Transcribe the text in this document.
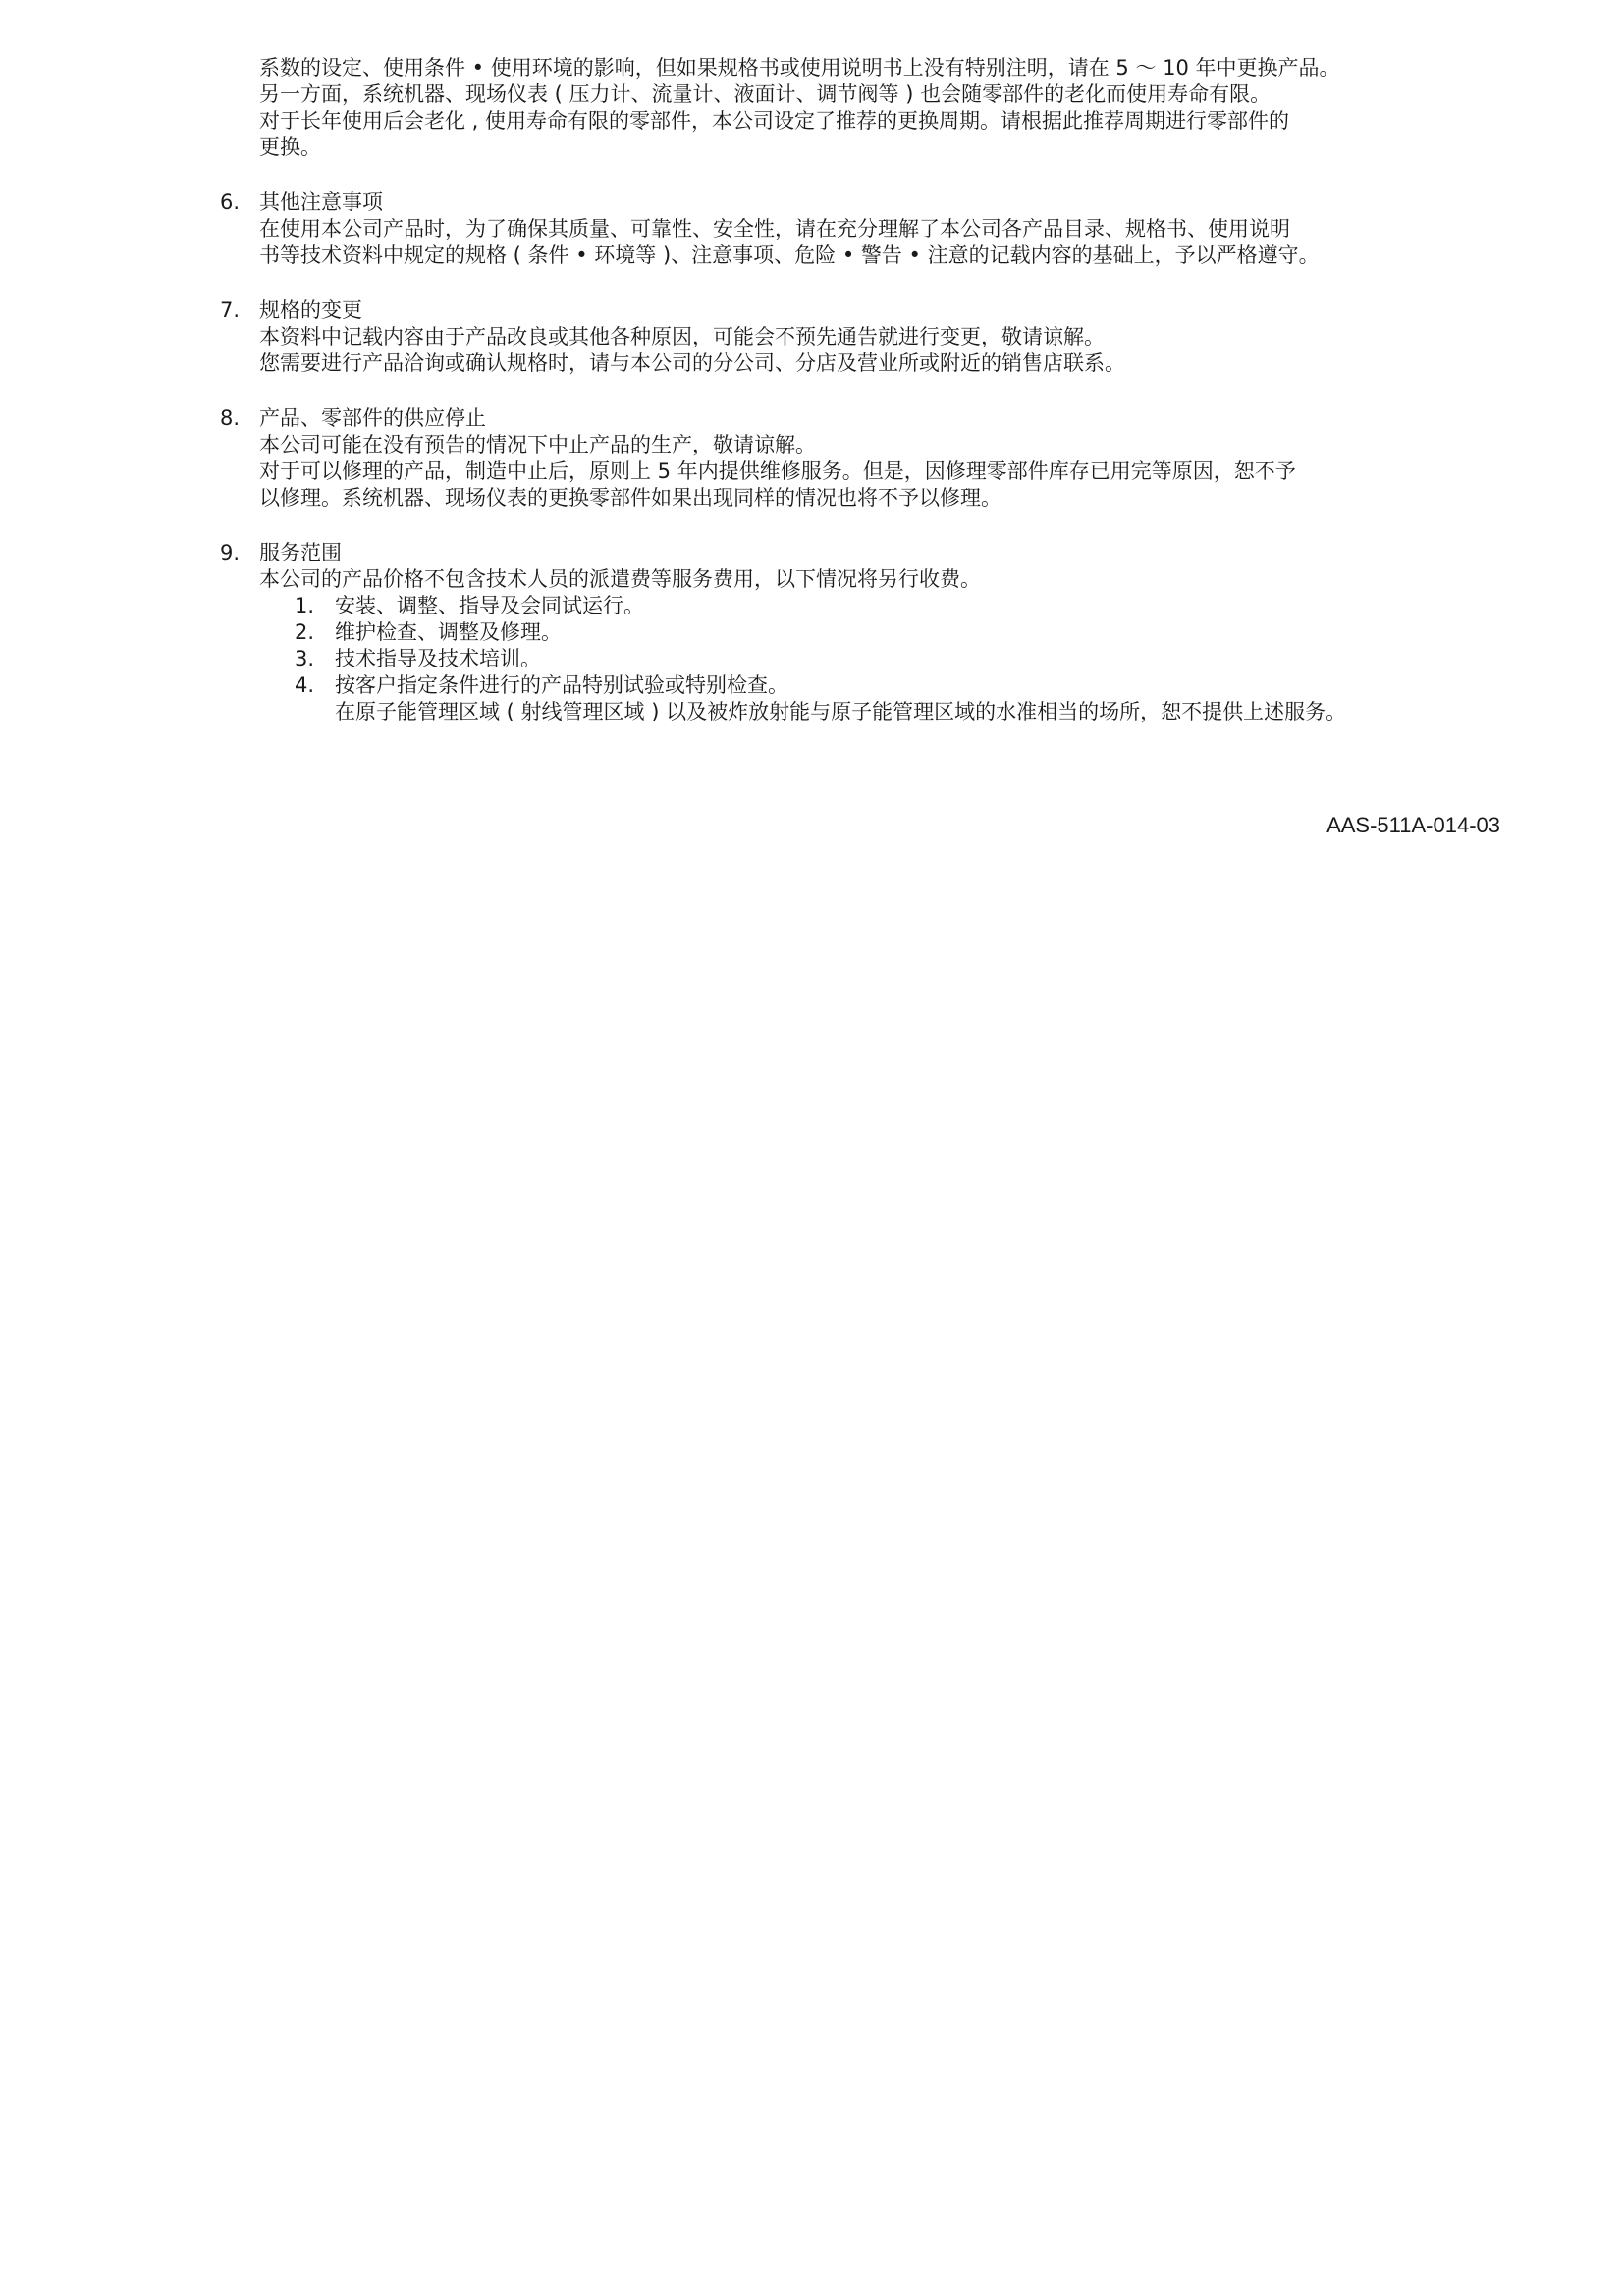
系数的设定、使用条件 • 使用环境的影响，但如果规格书或使用说明书上没有特别注明，请在 5 ～ 10 年中更换产品。
另一方面，系统机器、现场仪表 ( 压力计、流量计、液面计、调节阀等 ) 也会随零部件的老化而使用寿命有限。
对于长年使用后会老化 , 使用寿命有限的零部件，本公司设定了推荐的更换周期。请根据此推荐周期进行零部件的
更换。
6. 其他注意事项
在使用本公司产品时，为了确保其质量、可靠性、安全性，请在充分理解了本公司各产品目录、规格书、使用说明
书等技术资料中规定的规格 ( 条件 • 环境等 )、注意事项、危险 • 警告 • 注意的记载内容的基础上，予以严格遵守。
7. 规格的变更
本资料中记载内容由于产品改良或其他各种原因，可能会不预先通告就进行变更，敬请谅解。
您需要进行产品洽询或确认规格时，请与本公司的分公司、分店及营业所或附近的销售店联系。
8. 产品、零部件的供应停止
本公司可能在没有预告的情况下中止产品的生产，敬请谅解。
对于可以修理的产品，制造中止后，原则上 5 年内提供维修服务。但是，因修理零部件库存已用完等原因，恕不予
以修理。系统机器、现场仪表的更换零部件如果出现同样的情况也将不予以修理。
9. 服务范围
本公司的产品价格不包含技术人员的派遣费等服务费用，以下情况将另行收费。
1. 安装、调整、指导及会同试运行。
2. 维护检查、调整及修理。
3. 技术指导及技术培训。
4. 按客户指定条件进行的产品特别试验或特别检查。
在原子能管理区域 ( 射线管理区域 ) 以及被炸放射能与原子能管理区域的水准相当的场所，恕不提供上述服务。
AAS-511A-014-03
